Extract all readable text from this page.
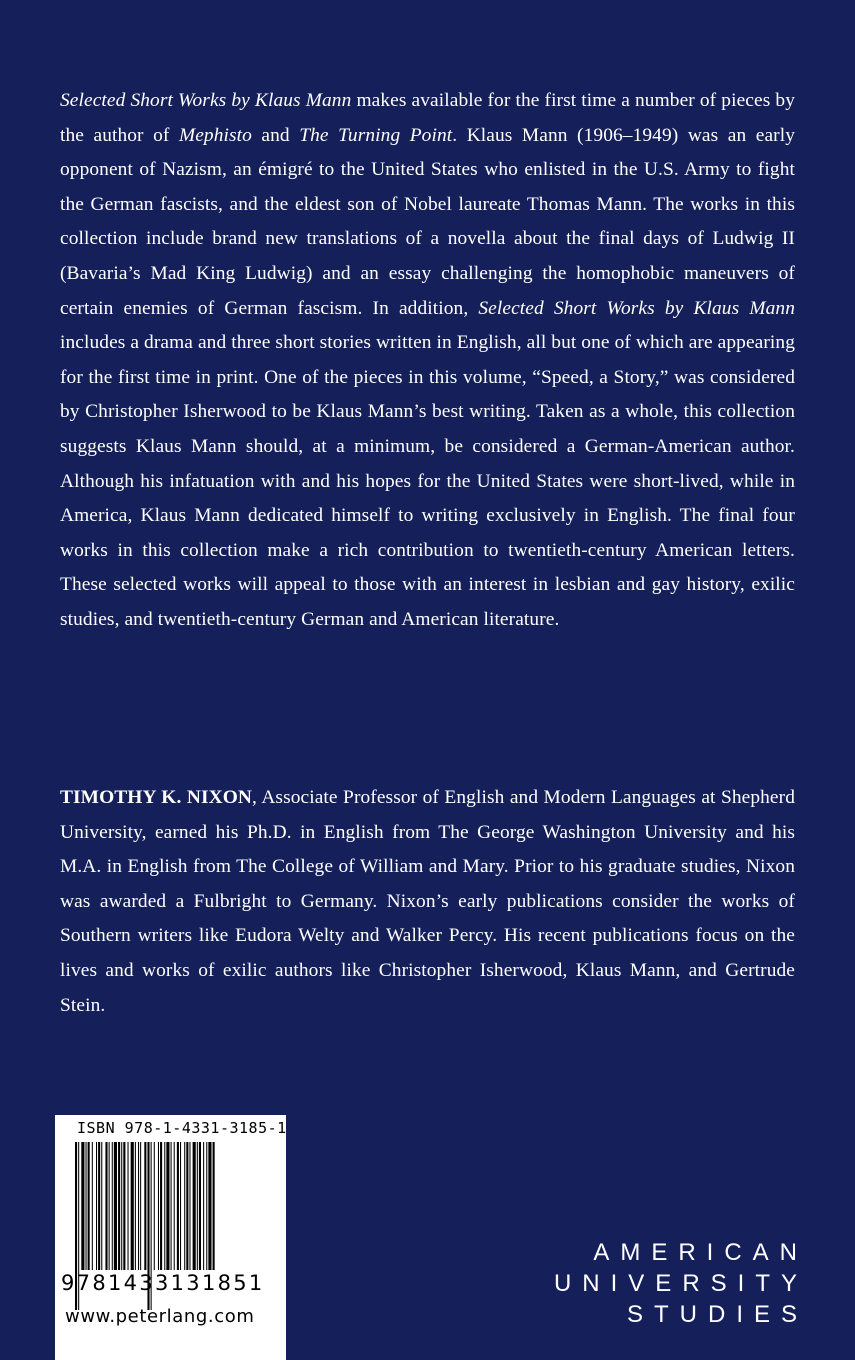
Selected Short Works by Klaus Mann makes available for the first time a number of pieces by the author of Mephisto and The Turning Point. Klaus Mann (1906–1949) was an early opponent of Nazism, an émigré to the United States who enlisted in the U.S. Army to fight the German fascists, and the eldest son of Nobel laureate Thomas Mann. The works in this collection include brand new translations of a novella about the final days of Ludwig II (Bavaria’s Mad King Ludwig) and an essay challenging the homophobic maneuvers of certain enemies of German fascism. In addition, Selected Short Works by Klaus Mann includes a drama and three short stories written in English, all but one of which are appearing for the first time in print. One of the pieces in this volume, “Speed, a Story,” was considered by Christopher Isherwood to be Klaus Mann’s best writing. Taken as a whole, this collection suggests Klaus Mann should, at a minimum, be considered a German-American author. Although his infatuation with and his hopes for the United States were short-lived, while in America, Klaus Mann dedicated himself to writing exclusively in English. The final four works in this collection make a rich contribution to twentieth-century American letters. These selected works will appeal to those with an interest in lesbian and gay history, exilic studies, and twentieth-century German and American literature.
TIMOTHY K. NIXON, Associate Professor of English and Modern Languages at Shepherd University, earned his Ph.D. in English from The George Washington University and his M.A. in English from The College of William and Mary. Prior to his graduate studies, Nixon was awarded a Fulbright to Germany. Nixon’s early publications consider the works of Southern writers like Eudora Welty and Walker Percy. His recent publications focus on the lives and works of exilic authors like Christopher Isherwood, Klaus Mann, and Gertrude Stein.
ISBN 978-1-4331-3185-1
9781433131851
www.peterlang.com
AMERICAN
UNIVERSITY
STUDIES
